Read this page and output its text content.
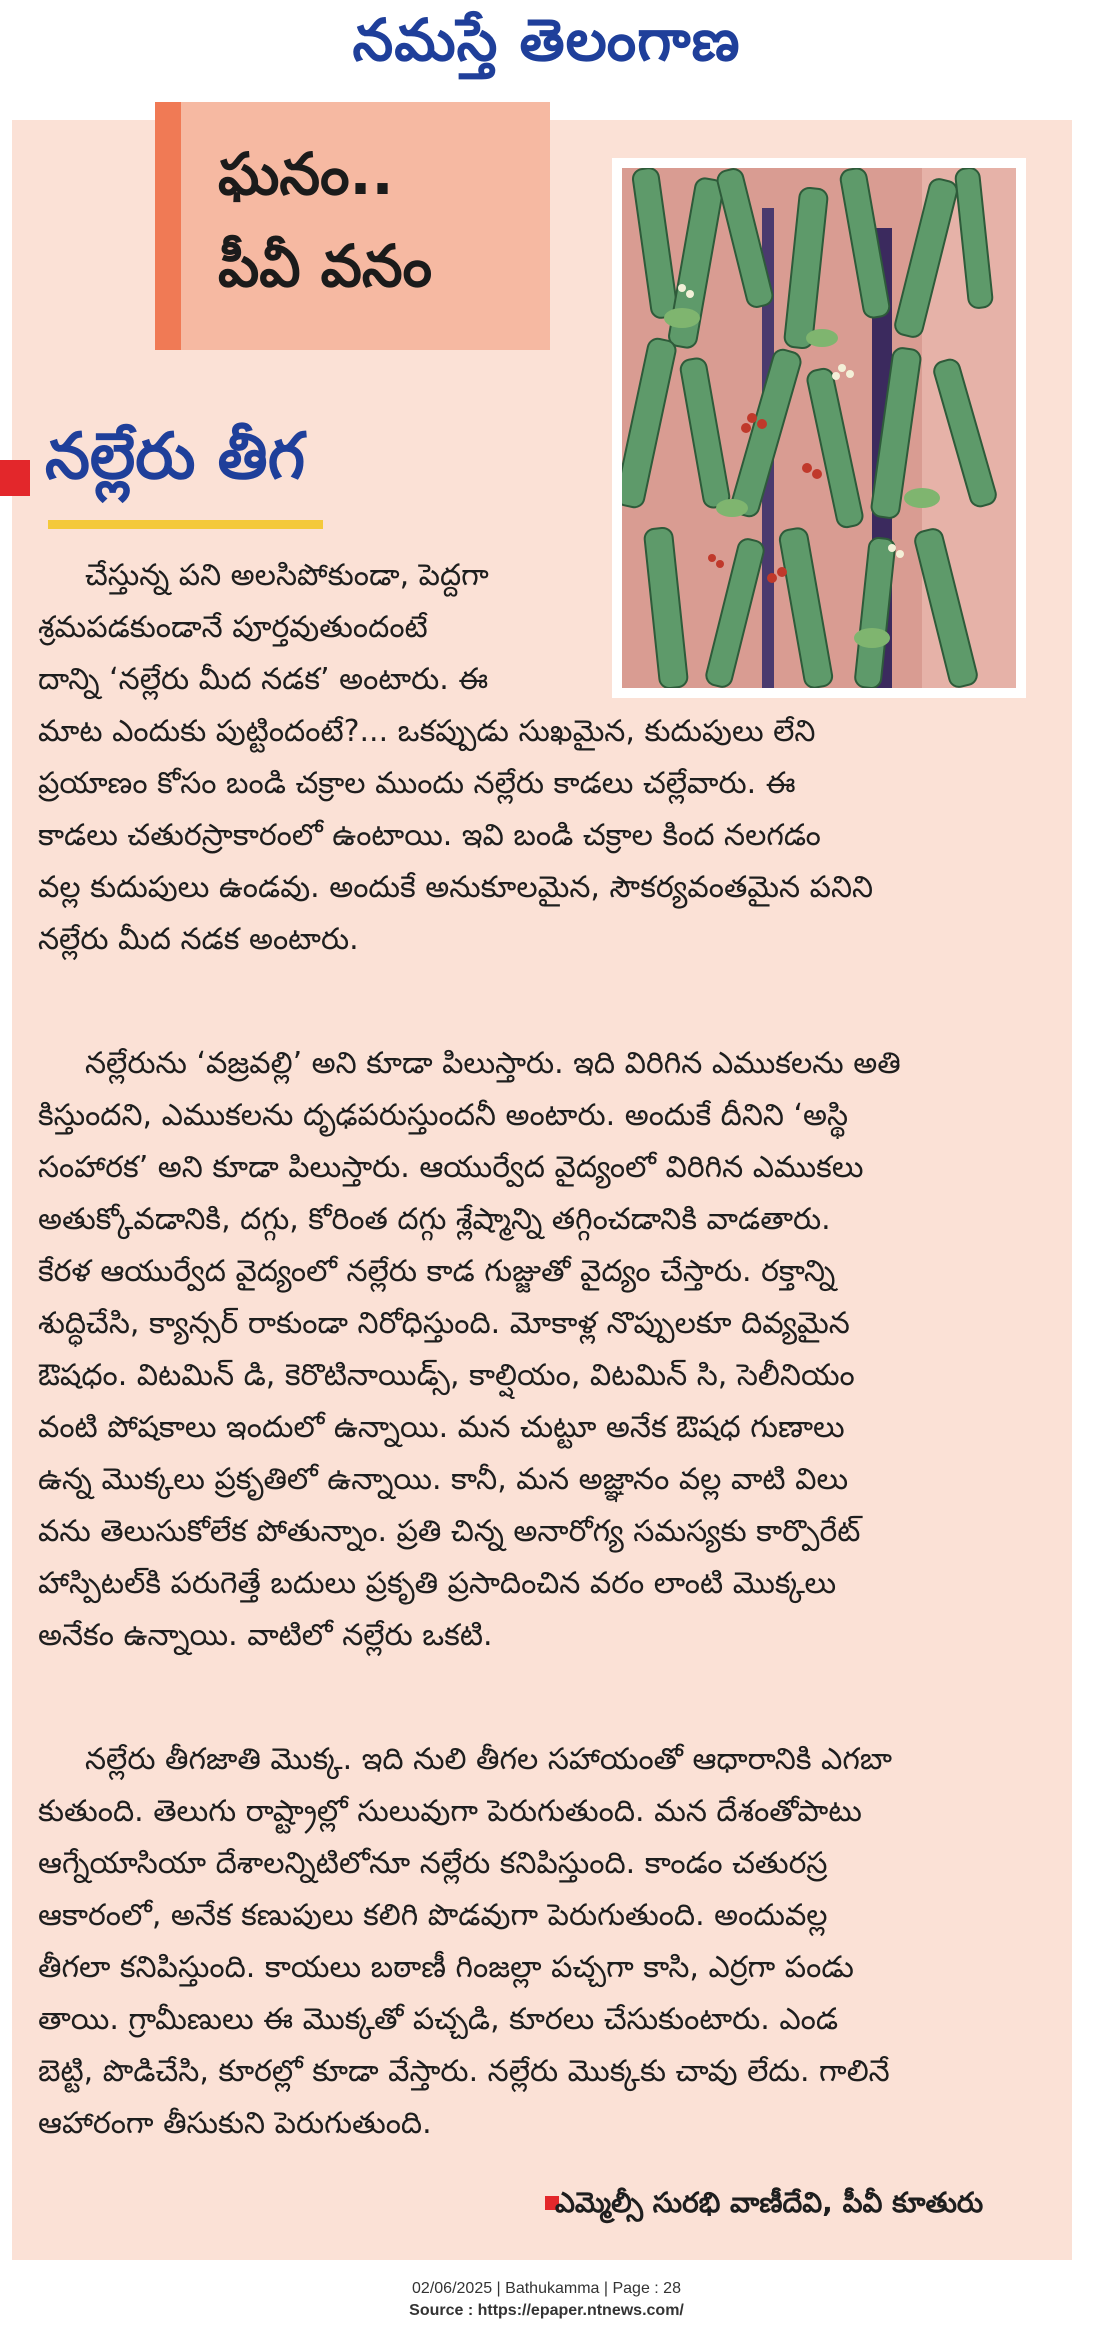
నమస్తే తెలంగాణ
ఘనం..
పీవీ వనం
నల్లేరు తీగ
చేస్తున్న పని అలసిపోకుండా, పెద్దగా
శ్రమపడకుండానే పూర్తవుతుందంటే
దాన్ని ‘నల్లేరు మీద నడక’ అంటారు. ఈ
మాట ఎందుకు పుట్టిందంటే?... ఒకప్పుడు సుఖమైన, కుదుపులు లేని
ప్రయాణం కోసం బండి చక్రాల ముందు నల్లేరు కాడలు చల్లేవారు. ఈ
కాడలు చతురస్రాకారంలో ఉంటాయి. ఇవి బండి చక్రాల కింద నలగడం
వల్ల కుదుపులు ఉండవు. అందుకే అనుకూలమైన, సౌకర్యవంతమైన పనిని
నల్లేరు మీద నడక అంటారు.
నల్లేరును ‘వజ్రవల్లి’ అని కూడా పిలుస్తారు. ఇది విరిగిన ఎముకలను అతి
కిస్తుందని, ఎముకలను దృఢపరుస్తుందనీ అంటారు. అందుకే దీనిని ‘అస్థి
సంహారక’ అని కూడా పిలుస్తారు. ఆయుర్వేద వైద్యంలో విరిగిన ఎముకలు
అతుక్కోవడానికి, దగ్గు, కోరింత దగ్గు శ్లేష్మాన్ని తగ్గించడానికి వాడతారు.
కేరళ ఆయుర్వేద వైద్యంలో నల్లేరు కాడ గుజ్జుతో వైద్యం చేస్తారు. రక్తాన్ని
శుద్ధిచేసి, క్యాన్సర్ రాకుండా నిరోధిస్తుంది. మోకాళ్ల నొప్పులకూ దివ్యమైన
ఔషధం. విటమిన్ డి, కెరొటినాయిడ్స్, కాల్షియం, విటమిన్ సి, సెలీనియం
వంటి పోషకాలు ఇందులో ఉన్నాయి. మన చుట్టూ అనేక ఔషధ గుణాలు
ఉన్న మొక్కలు ప్రకృతిలో ఉన్నాయి. కానీ, మన అజ్ఞానం వల్ల వాటి విలు
వను తెలుసుకోలేక పోతున్నాం. ప్రతి చిన్న అనారోగ్య సమస్యకు కార్పొరేట్
హాస్పిటల్‌కి పరుగెత్తే బదులు ప్రకృతి ప్రసాదించిన వరం లాంటి మొక్కలు
అనేకం ఉన్నాయి. వాటిలో నల్లేరు ఒకటి.
నల్లేరు తీగజాతి మొక్క. ఇది నులి తీగల సహాయంతో ఆధారానికి ఎగబా
కుతుంది. తెలుగు రాష్ట్రాల్లో సులువుగా పెరుగుతుంది. మన దేశంతోపాటు
ఆగ్నేయాసియా దేశాలన్నిటిలోనూ నల్లేరు కనిపిస్తుంది. కాండం చతురస్ర
ఆకారంలో, అనేక కణుపులు కలిగి పొడవుగా పెరుగుతుంది. అందువల్ల
తీగలా కనిపిస్తుంది. కాయలు బఠాణీ గింజల్లా పచ్చగా కాసి, ఎర్రగా పండు
తాయి. గ్రామీణులు ఈ మొక్కతో పచ్చడి, కూరలు చేసుకుంటారు. ఎండ
బెట్టి, పొడిచేసి, కూరల్లో కూడా వేస్తారు. నల్లేరు మొక్కకు చావు లేదు. గాలినే
ఆహారంగా తీసుకుని పెరుగుతుంది.
ఎమ్మెల్సీ సురభి వాణీదేవి, పీవీ కూతురు
02/06/2025 | Bathukamma | Page : 28
Source : https://epaper.ntnews.com/
